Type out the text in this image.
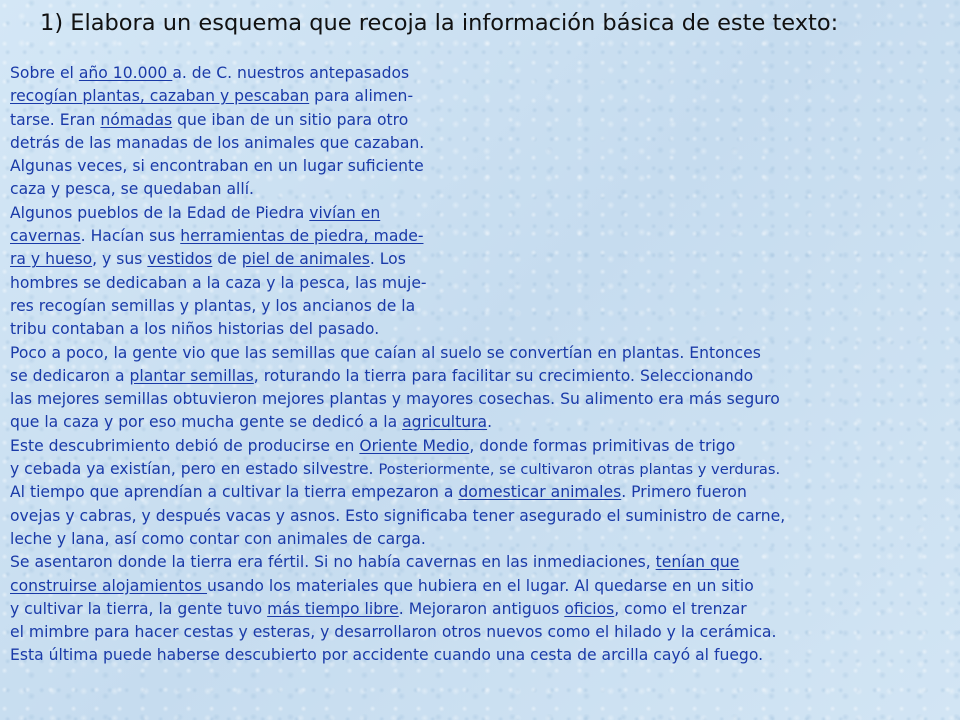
1) Elabora un esquema que recoja la información básica de este texto:
Sobre el año 10.000 a. de C. nuestros antepasados
recogían plantas, cazaban y pescaban para alimen-
tarse. Eran nómadas que iban de un sitio para otro
detrás de las manadas de los animales que cazaban.
Algunas veces, si encontraban en un lugar suficiente
caza y pesca, se quedaban allí.
Algunos pueblos de la Edad de Piedra vivían en
cavernas. Hacían sus herramientas de piedra, made-
ra y hueso, y sus vestidos de piel de animales. Los
hombres se dedicaban a la caza y la pesca, las muje-
res recogían semillas y plantas, y los ancianos de la
tribu contaban a los niños historias del pasado.
Poco a poco, la gente vio que las semillas que caían al suelo se convertían en plantas. Entonces
se dedicaron a plantar semillas, roturando la tierra para facilitar su crecimiento. Seleccionando
las mejores semillas obtuvieron mejores plantas y mayores cosechas. Su alimento era más seguro
que la caza y por eso mucha gente se dedicó a la agricultura.
Este descubrimiento debió de producirse en Oriente Medio, donde formas primitivas de trigo
y cebada ya existían, pero en estado silvestre. Posteriormente, se cultivaron otras plantas y verduras.
Al tiempo que aprendían a cultivar la tierra empezaron a domesticar animales. Primero fueron
ovejas y cabras, y después vacas y asnos. Esto significaba tener asegurado el suministro de carne,
leche y lana, así como contar con animales de carga.
Se asentaron donde la tierra era fértil. Si no había cavernas en las inmediaciones, tenían que
construirse alojamientos usando los materiales que hubiera en el lugar. Al quedarse en un sitio
y cultivar la tierra, la gente tuvo más tiempo libre. Mejoraron antiguos oficios, como el trenzar
el mimbre para hacer cestas y esteras, y desarrollaron otros nuevos como el hilado y la cerámica.
Esta última puede haberse descubierto por accidente cuando una cesta de arcilla cayó al fuego.
